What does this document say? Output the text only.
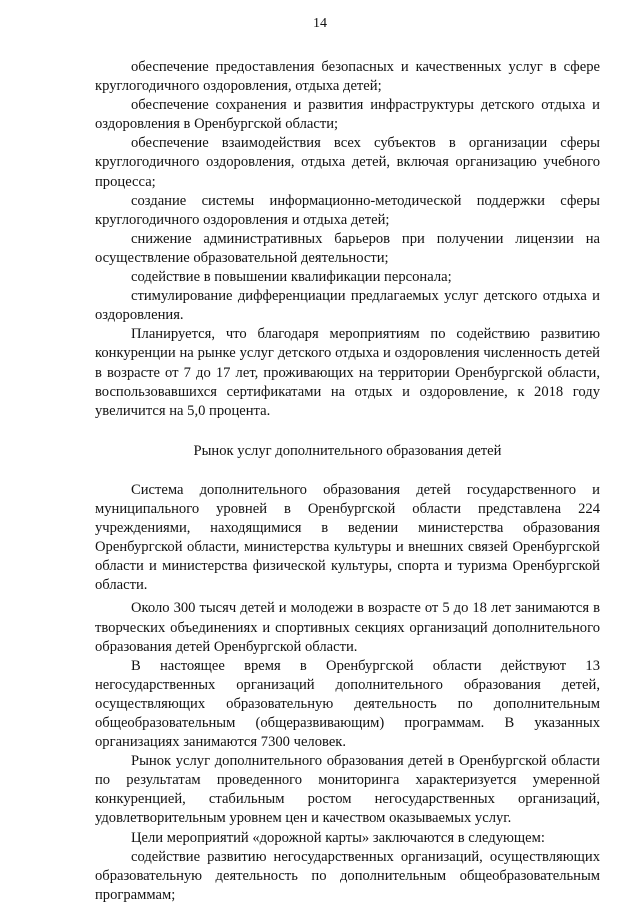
14

обеспечение предоставления безопасных и качественных услуг в сфере круглогодичного оздоровления, отдыха детей;

обеспечение сохранения и развития инфраструктуры детского отдыха и оздоровления в Оренбургской области;

обеспечение взаимодействия всех субъектов в организации сферы круглогодичного оздоровления, отдыха детей, включая организацию учебного процесса;

создание системы информационно-методической поддержки сферы круглогодичного оздоровления и отдыха детей;

снижение административных барьеров при получении лицензии на осуществление образовательной деятельности;

содействие в повышении квалификации персонала;

стимулирование дифференциации предлагаемых услуг детского отдыха и оздоровления.

Планируется, что благодаря мероприятиям по содействию развитию конкуренции на рынке услуг детского отдыха и оздоровления численность детей в возрасте от 7 до 17 лет, проживающих на территории Оренбургской области, воспользовавшихся сертификатами на отдых и оздоровление, к 2018 году увеличится на 5,0 процента.

Рынок услуг дополнительного образования детей

Система дополнительного образования детей государственного и муниципального уровней в Оренбургской области представлена 224 учреждениями, находящимися в ведении министерства образования Оренбургской области, министерства культуры и внешних связей Оренбургской области и министерства физической культуры, спорта и туризма Оренбургской области.

Около 300 тысяч детей и молодежи в возрасте от 5 до 18 лет занимаются в творческих объединениях и спортивных секциях организаций дополнительного образования детей Оренбургской области.

В настоящее время в Оренбургской области действуют 13 негосударственных организаций дополнительного образования детей, осуществляющих образовательную деятельность по дополнительным общеобразовательным (общеразвивающим) программам. В указанных организациях занимаются 7300 человек.

Рынок услуг дополнительного образования детей в Оренбургской области по результатам проведенного мониторинга характеризуется умеренной конкуренцией, стабильным ростом негосударственных организаций, удовлетворительным уровнем цен и качеством оказываемых услуг.

Цели мероприятий «дорожной карты» заключаются в следующем:

содействие развитию негосударственных организаций, осуществляющих образовательную деятельность по дополнительным общеобразовательным программам;
